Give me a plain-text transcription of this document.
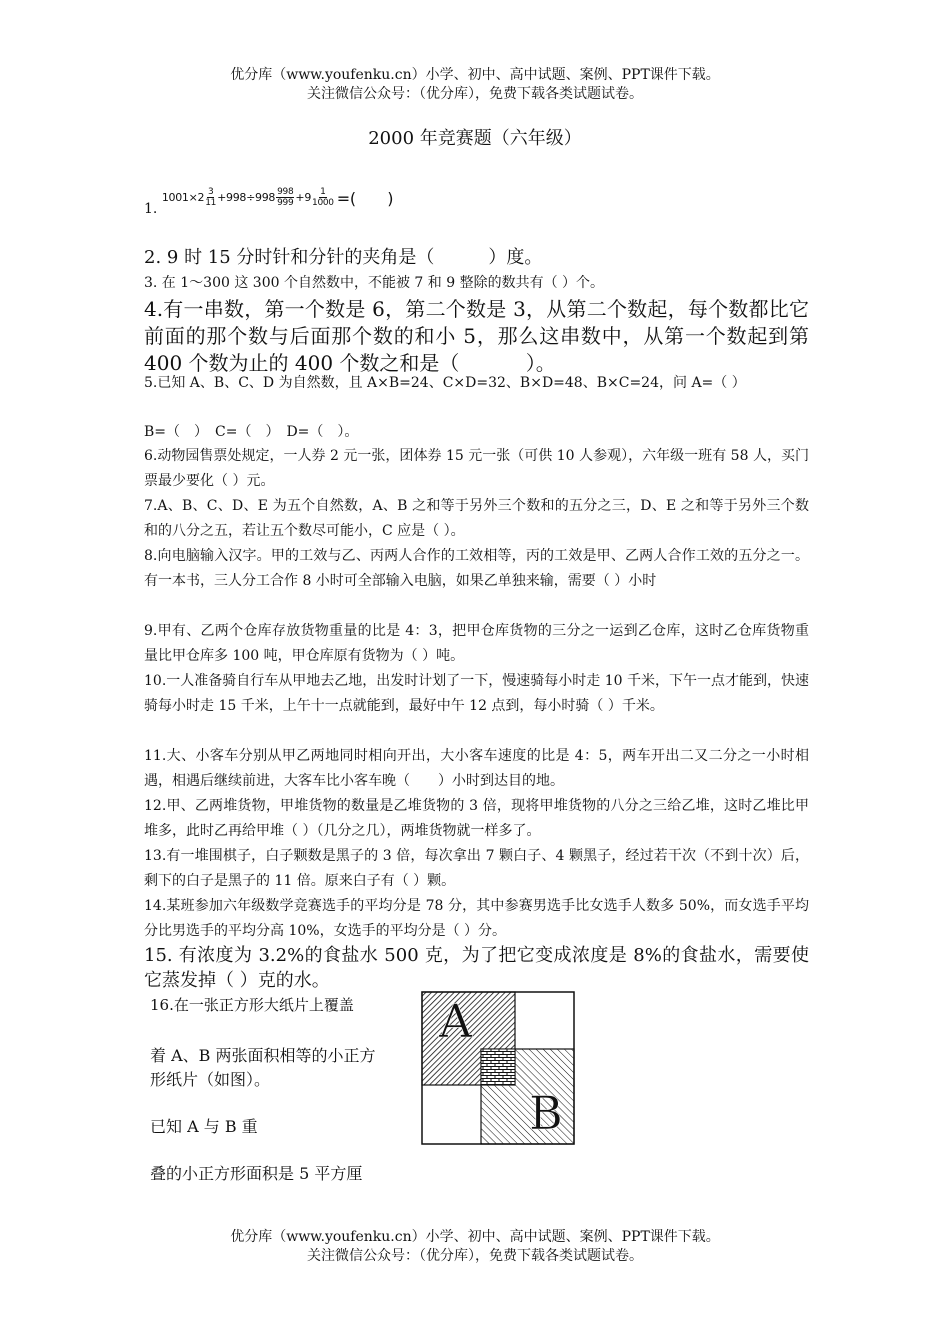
优分库（www.youfenku.cn）小学、初中、高中试题、案例、PPT课件下载。
关注微信公众号：（优分库），免费下载各类试题试卷。
2000 年竞赛题（六年级）
1.
$1001\times 2 \frac{3}{11} +998\div 998 \frac{998}{999} +9 \frac{1}{1000}$ =(　　)
2. 9 时 15 分时针和分针的夹角是（　　　）度。
3. 在 1～300 这 300 个自然数中，不能被 7 和 9 整除的数共有（ ）个。
4.有一串数，第一个数是 6，第二个数是 3，从第二个数起，每个数都比它前面的那个数与后面那个数的和小 5，那么这串数中，从第一个数起到第 400 个数为止的 400 个数之和是（　　　 ）。
5.已知 A、B、C、D 为自然数，且 A×B=24、C×D=32、B×D=48、B×C=24，问 A=（ ）
B=（　）　C=（　）　D=（　）。
6.动物园售票处规定，一人券 2 元一张，团体券 15 元一张（可供 10 人参观），六年级一班有 58 人，买门票最少要化（ ）元。
7.A、B、C、D、E 为五个自然数，A、B 之和等于另外三个数和的五分之三，D、E 之和等于另外三个数和的八分之五，若让五个数尽可能小，C 应是（ ）。
8.向电脑输入汉字。甲的工效与乙、丙两人合作的工效相等，丙的工效是甲、乙两人合作工效的五分之一。有一本书，三人分工合作 8 小时可全部输入电脑，如果乙单独来输，需要（ ）小时
9.甲有、乙两个仓库存放货物重量的比是 4：3，把甲仓库货物的三分之一运到乙仓库，这时乙仓库货物重量比甲仓库多 100 吨，甲仓库原有货物为（ ）吨。
10.一人准备骑自行车从甲地去乙地，出发时计划了一下，慢速骑每小时走 10 千米，下午一点才能到，快速骑每小时走 15 千米，上午十一点就能到，最好中午 12 点到，每小时骑（ ）千米。
11.大、小客车分别从甲乙两地同时相向开出，大小客车速度的比是 4：5，两车开出二又二分之一小时相遇，相遇后继续前进，大客车比小客车晚（　　）小时到达目的地。
12.甲、乙两堆货物，甲堆货物的数量是乙堆货物的 3 倍，现将甲堆货物的八分之三给乙堆，这时乙堆比甲堆多，此时乙再给甲堆（ ）（几分之几），两堆货物就一样多了。
13.有一堆围棋子，白子颗数是黑子的 3 倍，每次拿出 7 颗白子、4 颗黑子，经过若干次（不到十次）后，剩下的白子是黑子的 11 倍。原来白子有（ ）颗。
14.某班参加六年级数学竞赛选手的平均分是 78 分，其中参赛男选手比女选手人数多 50%，而女选手平均分比男选手的平均分高 10%，女选手的平均分是（ ）分。
15. 有浓度为 3.2%的食盐水 500 克，为了把它变成浓度是 8%的食盐水，需要使它蒸发掉（ ）克的水。
16.在一张正方形大纸片上覆盖
着 A、B 两张面积相等的小正方
形纸片（如图）。
已知 A 与 B 重
叠的小正方形面积是 5 平方厘
A
B
优分库（www.youfenku.cn）小学、初中、高中试题、案例、PPT课件下载。
关注微信公众号：（优分库），免费下载各类试题试卷。
